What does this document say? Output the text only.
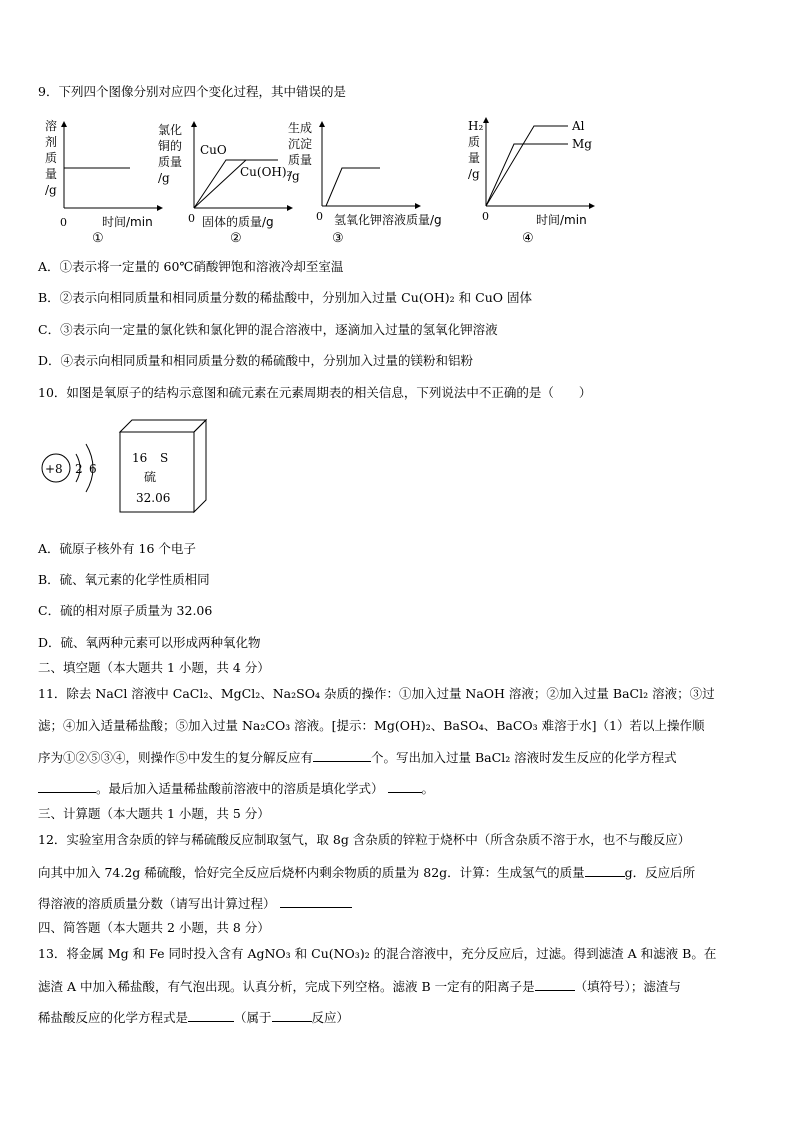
9．下列四个图像分别对应四个变化过程，其中错误的是
溶
剂
质
量
/g
0	时间/min
①
氯化
铜的
质量
/g
CuO
Cu(OH)₂
0 固体的质量/g
②
生成
沉淀
质量
/g
0 氢氧化钾溶液质量/g
③
H₂
质
量
/g
Al
Mg
0	时间/min
④
A．①表示将一定量的 60℃硝酸钾饱和溶液冷却至室温
B．②表示向相同质量和相同质量分数的稀盐酸中，分别加入过量 Cu(OH)₂ 和 CuO 固体
C．③表示向一定量的氯化铁和氯化钾的混合溶液中，逐滴加入过量的氢氧化钾溶液
D．④表示向相同质量和相同质量分数的稀硫酸中，分别加入过量的镁粉和铝粉
10．如图是氧原子的结构示意图和硫元素在元素周期表的相关信息，下列说法中不正确的是（　　）
+8 2 6
16 S
硫
32.06
A．硫原子核外有 16 个电子
B．硫、氧元素的化学性质相同
C．硫的相对原子质量为 32.06
D．硫、氧两种元素可以形成两种氧化物
二、填空题（本大题共 1 小题，共 4 分）
11．除去 NaCl 溶液中 CaCl₂、MgCl₂、Na₂SO₄ 杂质的操作：①加入过量 NaOH 溶液；②加入过量 BaCl₂ 溶液；③过
滤；④加入适量稀盐酸；⑤加入过量 Na₂CO₃ 溶液。[提示：Mg(OH)₂、BaSO₄、BaCO₃ 难溶于水]（1）若以上操作顺
序为①②⑤③④，则操作⑤中发生的复分解反应有	个。写出加入过量 BaCl₂ 溶液时发生反应的化学方程式
。最后加入适量稀盐酸前溶液中的溶质是填化学式）	。
三、计算题（本大题共 1 小题，共 5 分）
12．实验室用含杂质的锌与稀硫酸反应制取氢气，取 8g 含杂质的锌粒于烧杯中（所含杂质不溶于水，也不与酸反应）
向其中加入 74.2g 稀硫酸，恰好完全反应后烧杯内剩余物质的质量为 82g．计算：生成氢气的质量	g．反应后所
得溶液的溶质质量分数（请写出计算过程）
四、简答题（本大题共 2 小题，共 8 分）
13．将金属 Mg 和 Fe 同时投入含有 AgNO₃ 和 Cu(NO₃)₂ 的混合溶液中，充分反应后，过滤。得到滤渣 A 和滤液 B。在
滤渣 A 中加入稀盐酸，有气泡出现。认真分析，完成下列空格。滤液 B 一定有的阳离子是	（填符号）；滤渣与
稀盐酸反应的化学方程式是	（属于	反应）
